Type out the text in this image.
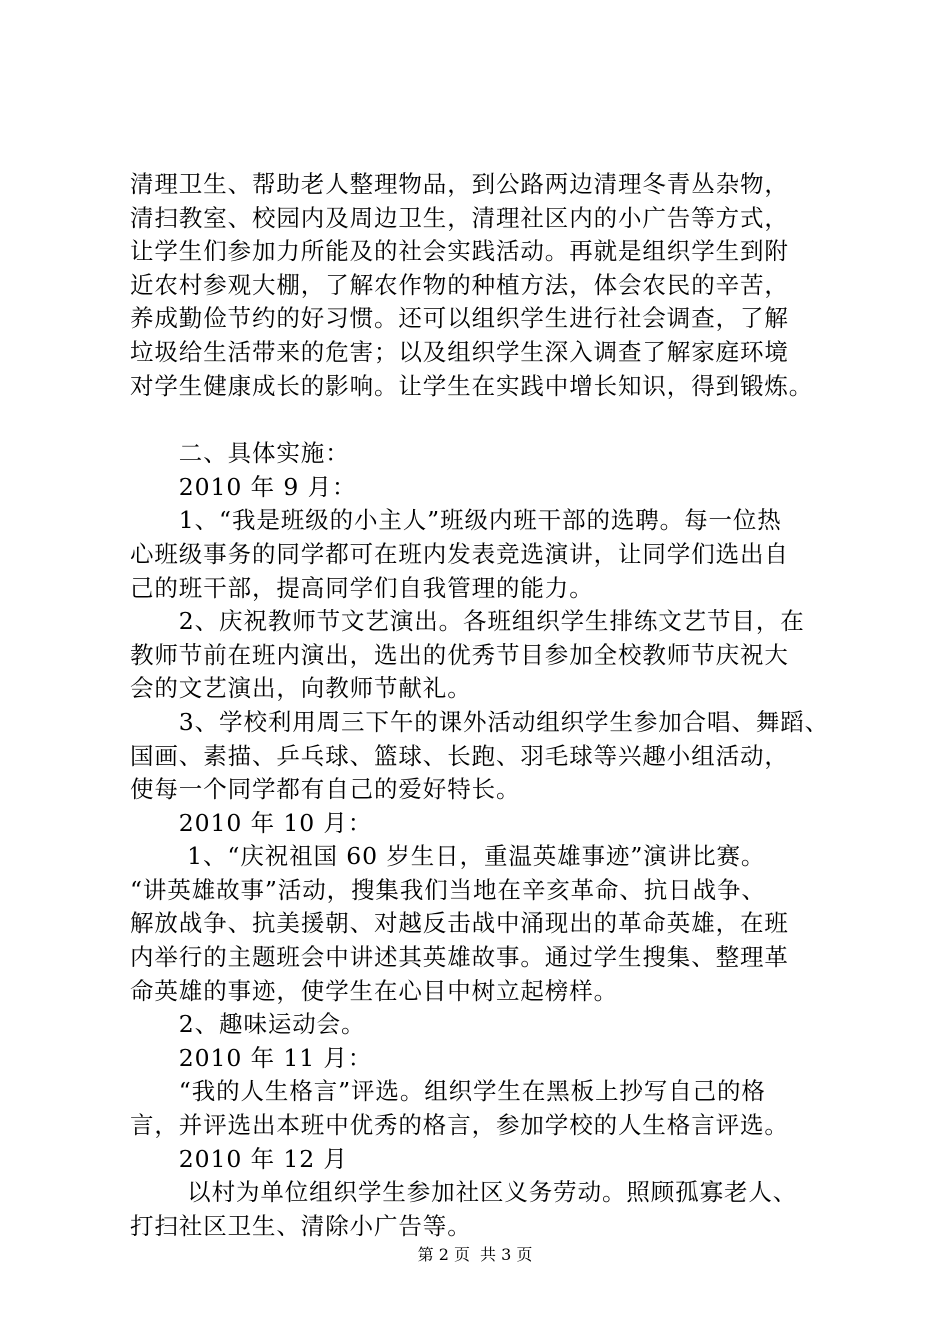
清理卫生、帮助老人整理物品，到公路两边清理冬青丛杂物，
清扫教室、校园内及周边卫生，清理社区内的小广告等方式，
让学生们参加力所能及的社会实践活动。再就是组织学生到附
近农村参观大棚，了解农作物的种植方法，体会农民的辛苦，
养成勤俭节约的好习惯。还可以组织学生进行社会调查，了解
垃圾给生活带来的危害；以及组织学生深入调查了解家庭环境
对学生健康成长的影响。让学生在实践中增长知识，得到锻炼。
　　二、具体实施：
　　2010 年 9 月：
　　1、“我是班级的小主人”班级内班干部的选聘。每一位热
心班级事务的同学都可在班内发表竞选演讲，让同学们选出自
己的班干部，提高同学们自我管理的能力。
　　2、庆祝教师节文艺演出。各班组织学生排练文艺节目，在
教师节前在班内演出，选出的优秀节目参加全校教师节庆祝大
会的文艺演出，向教师节献礼。
　　3、学校利用周三下午的课外活动组织学生参加合唱、舞蹈、
国画、素描、乒乓球、篮球、长跑、羽毛球等兴趣小组活动，
使每一个同学都有自己的爱好特长。
　　2010 年 10 月：
　　 1、“庆祝祖国 60 岁生日，重温英雄事迹”演讲比赛。
“讲英雄故事”活动，搜集我们当地在辛亥革命、抗日战争、
解放战争、抗美援朝、对越反击战中涌现出的革命英雄，在班
内举行的主题班会中讲述其英雄故事。通过学生搜集、整理革
命英雄的事迹，使学生在心目中树立起榜样。
　　2、趣味运动会。
　　2010 年 11 月：
　　“我的人生格言”评选。组织学生在黑板上抄写自己的格
言，并评选出本班中优秀的格言，参加学校的人生格言评选。
　　2010 年 12 月
　　 以村为单位组织学生参加社区义务劳动。照顾孤寡老人、
打扫社区卫生、清除小广告等。
第 2 页 共 3 页
